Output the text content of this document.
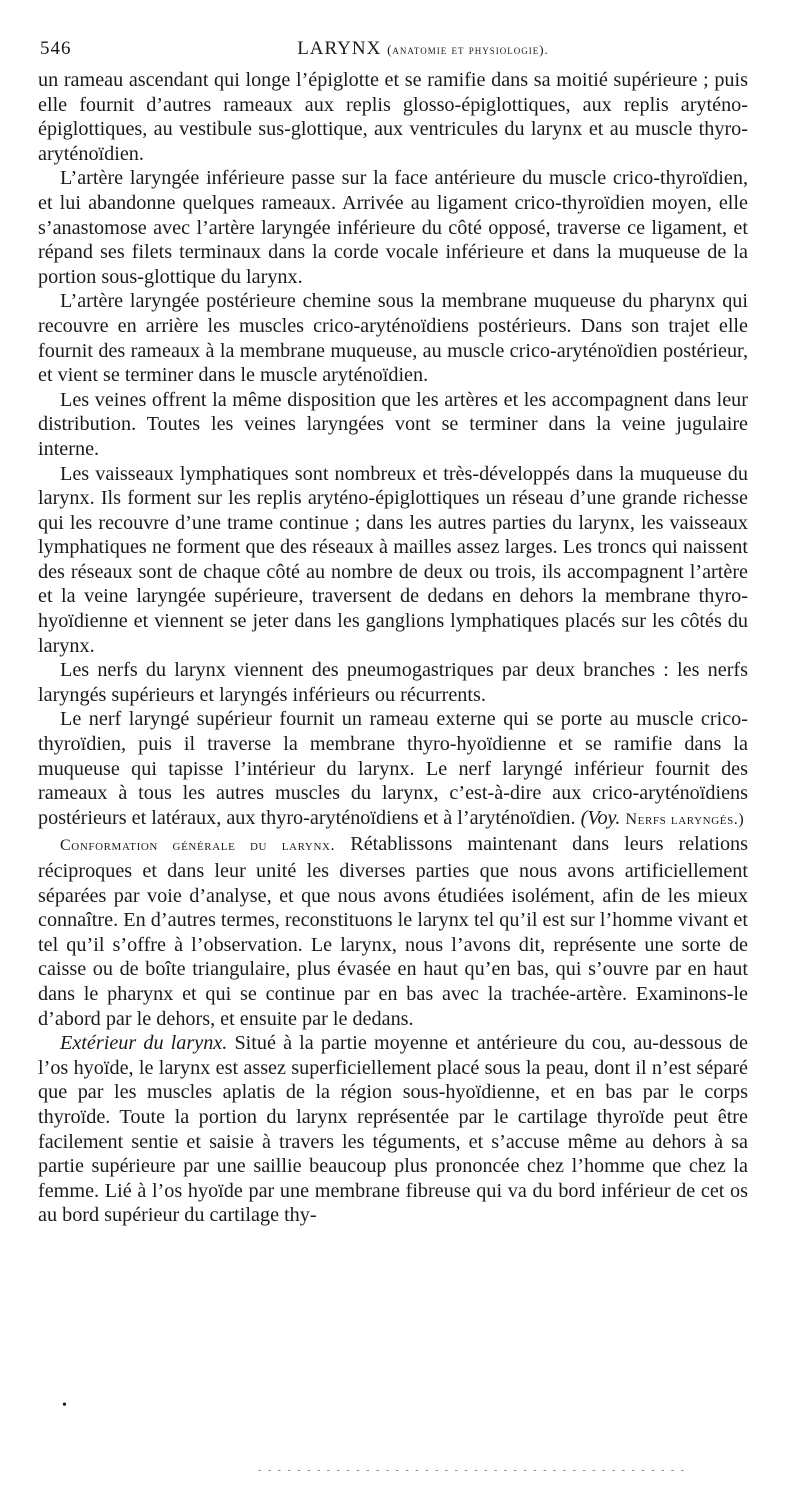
546	LARYNX (anatomie et physiologie).

un rameau ascendant qui longe l’épiglotte et se ramifie dans sa moitié supérieure ; puis elle fournit d’autres rameaux aux replis glosso-épiglottiques, aux replis aryténo-épiglottiques, au vestibule sus-glottique, aux ventricules du larynx et au muscle thyro-aryténoïdien.

L’artère laryngée inférieure passe sur la face antérieure du muscle crico-thyroïdien, et lui abandonne quelques rameaux. Arrivée au ligament crico-thyroïdien moyen, elle s’anastomose avec l’artère laryngée inférieure du côté opposé, traverse ce ligament, et répand ses filets terminaux dans la corde vocale inférieure et dans la muqueuse de la portion sous-glottique du larynx.

L’artère laryngée postérieure chemine sous la membrane muqueuse du pharynx qui recouvre en arrière les muscles crico-aryténoïdiens postérieurs. Dans son trajet elle fournit des rameaux à la membrane muqueuse, au muscle crico-aryténoïdien postérieur, et vient se terminer dans le muscle aryténoïdien.

Les veines offrent la même disposition que les artères et les accompagnent dans leur distribution. Toutes les veines laryngées vont se terminer dans la veine jugulaire interne.

Les vaisseaux lymphatiques sont nombreux et très-développés dans la muqueuse du larynx. Ils forment sur les replis aryténo-épiglottiques un réseau d’une grande richesse qui les recouvre d’une trame continue ; dans les autres parties du larynx, les vaisseaux lymphatiques ne forment que des réseaux à mailles assez larges. Les troncs qui naissent des réseaux sont de chaque côté au nombre de deux ou trois, ils accompagnent l’artère et la veine laryngée supérieure, traversent de dedans en dehors la membrane thyro-hyoïdienne et viennent se jeter dans les ganglions lymphatiques placés sur les côtés du larynx.

Les nerfs du larynx viennent des pneumogastriques par deux branches : les nerfs laryngés supérieurs et laryngés inférieurs ou récurrents.

Le nerf laryngé supérieur fournit un rameau externe qui se porte au muscle crico-thyroïdien, puis il traverse la membrane thyro-hyoïdienne et se ramifie dans la muqueuse qui tapisse l’intérieur du larynx. Le nerf laryngé inférieur fournit des rameaux à tous les autres muscles du larynx, c’est-à-dire aux crico-aryténoïdiens postérieurs et latéraux, aux thyro-aryténoïdiens et à l’aryténoïdien. (Voy. Nerfs laryngés.)

Conformation générale du larynx. Rétablissons maintenant dans leurs relations réciproques et dans leur unité les diverses parties que nous avons artificiellement séparées par voie d’analyse, et que nous avons étudiées isolément, afin de les mieux connaître. En d’autres termes, reconstituons le larynx tel qu’il est sur l’homme vivant et tel qu’il s’offre à l’observation. Le larynx, nous l’avons dit, représente une sorte de caisse ou de boîte triangulaire, plus évasée en haut qu’en bas, qui s’ouvre par en haut dans le pharynx et qui se continue par en bas avec la trachée-artère. Examinons-le d’abord par le dehors, et ensuite par le dedans.

Extérieur du larynx. Situé à la partie moyenne et antérieure du cou, au-dessous de l’os hyoïde, le larynx est assez superficiellement placé sous la peau, dont il n’est séparé que par les muscles aplatis de la région sous-hyoïdienne, et en bas par le corps thyroïde. Toute la portion du larynx représentée par le cartilage thyroïde peut être facilement sentie et saisie à travers les téguments, et s’accuse même au dehors à sa partie supérieure par une saillie beaucoup plus prononcée chez l’homme que chez la femme. Lié à l’os hyoïde par une membrane fibreuse qui va du bord inférieur de cet os au bord supérieur du cartilage thy-

•
- - - - - - - - - - - - - - - - - - - - - - - - - - - - - - - - - - - - - - - - - - - -
